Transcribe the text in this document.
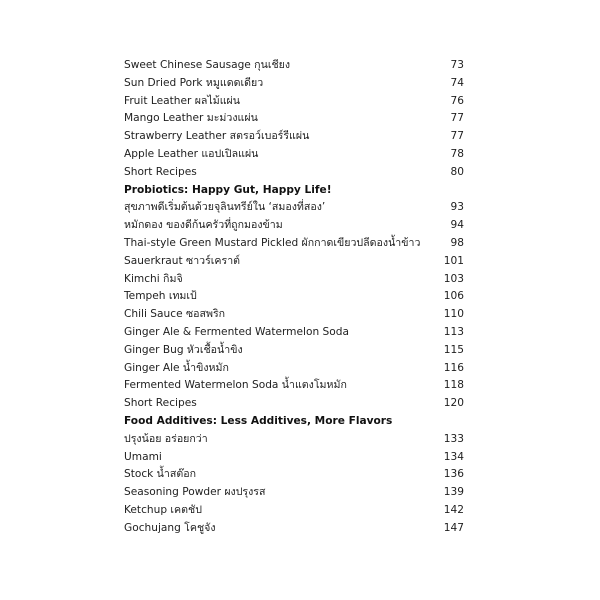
Sweet Chinese Sausage กุนเชียง	73
Sun Dried Pork หมูแดดเดียว	74
Fruit Leather ผลไม้แผ่น	76
Mango Leather มะม่วงแผ่น	77
Strawberry Leather สตรอว์เบอร์รีแผ่น	77
Apple Leather แอปเปิลแผ่น	78
Short Recipes	80
Probiotics: Happy Gut, Happy Life!
สุขภาพดีเริ่มต้นด้วยจุลินทรีย์ใน ‘สมองที่สอง’	93
หมักดอง ของดีก้นครัวที่ถูกมองข้าม	94
Thai-style Green Mustard Pickled ผักกาดเขียวปลีดองน้ำข้าว	98
Sauerkraut ซาวร์เคราต์	101
Kimchi กิมจิ	103
Tempeh เทมเป้	106
Chili Sauce ซอสพริก	110
Ginger Ale & Fermented Watermelon Soda	113
Ginger Bug หัวเชื้อน้ำขิง	115
Ginger Ale น้ำขิงหมัก	116
Fermented Watermelon Soda น้ำแตงโมหมัก	118
Short Recipes	120
Food Additives: Less Additives, More Flavors
ปรุงน้อย อร่อยกว่า	133
Umami	134
Stock น้ำสต๊อก	136
Seasoning Powder ผงปรุงรส	139
Ketchup เคตชัป	142
Gochujang โคชูจัง	147
